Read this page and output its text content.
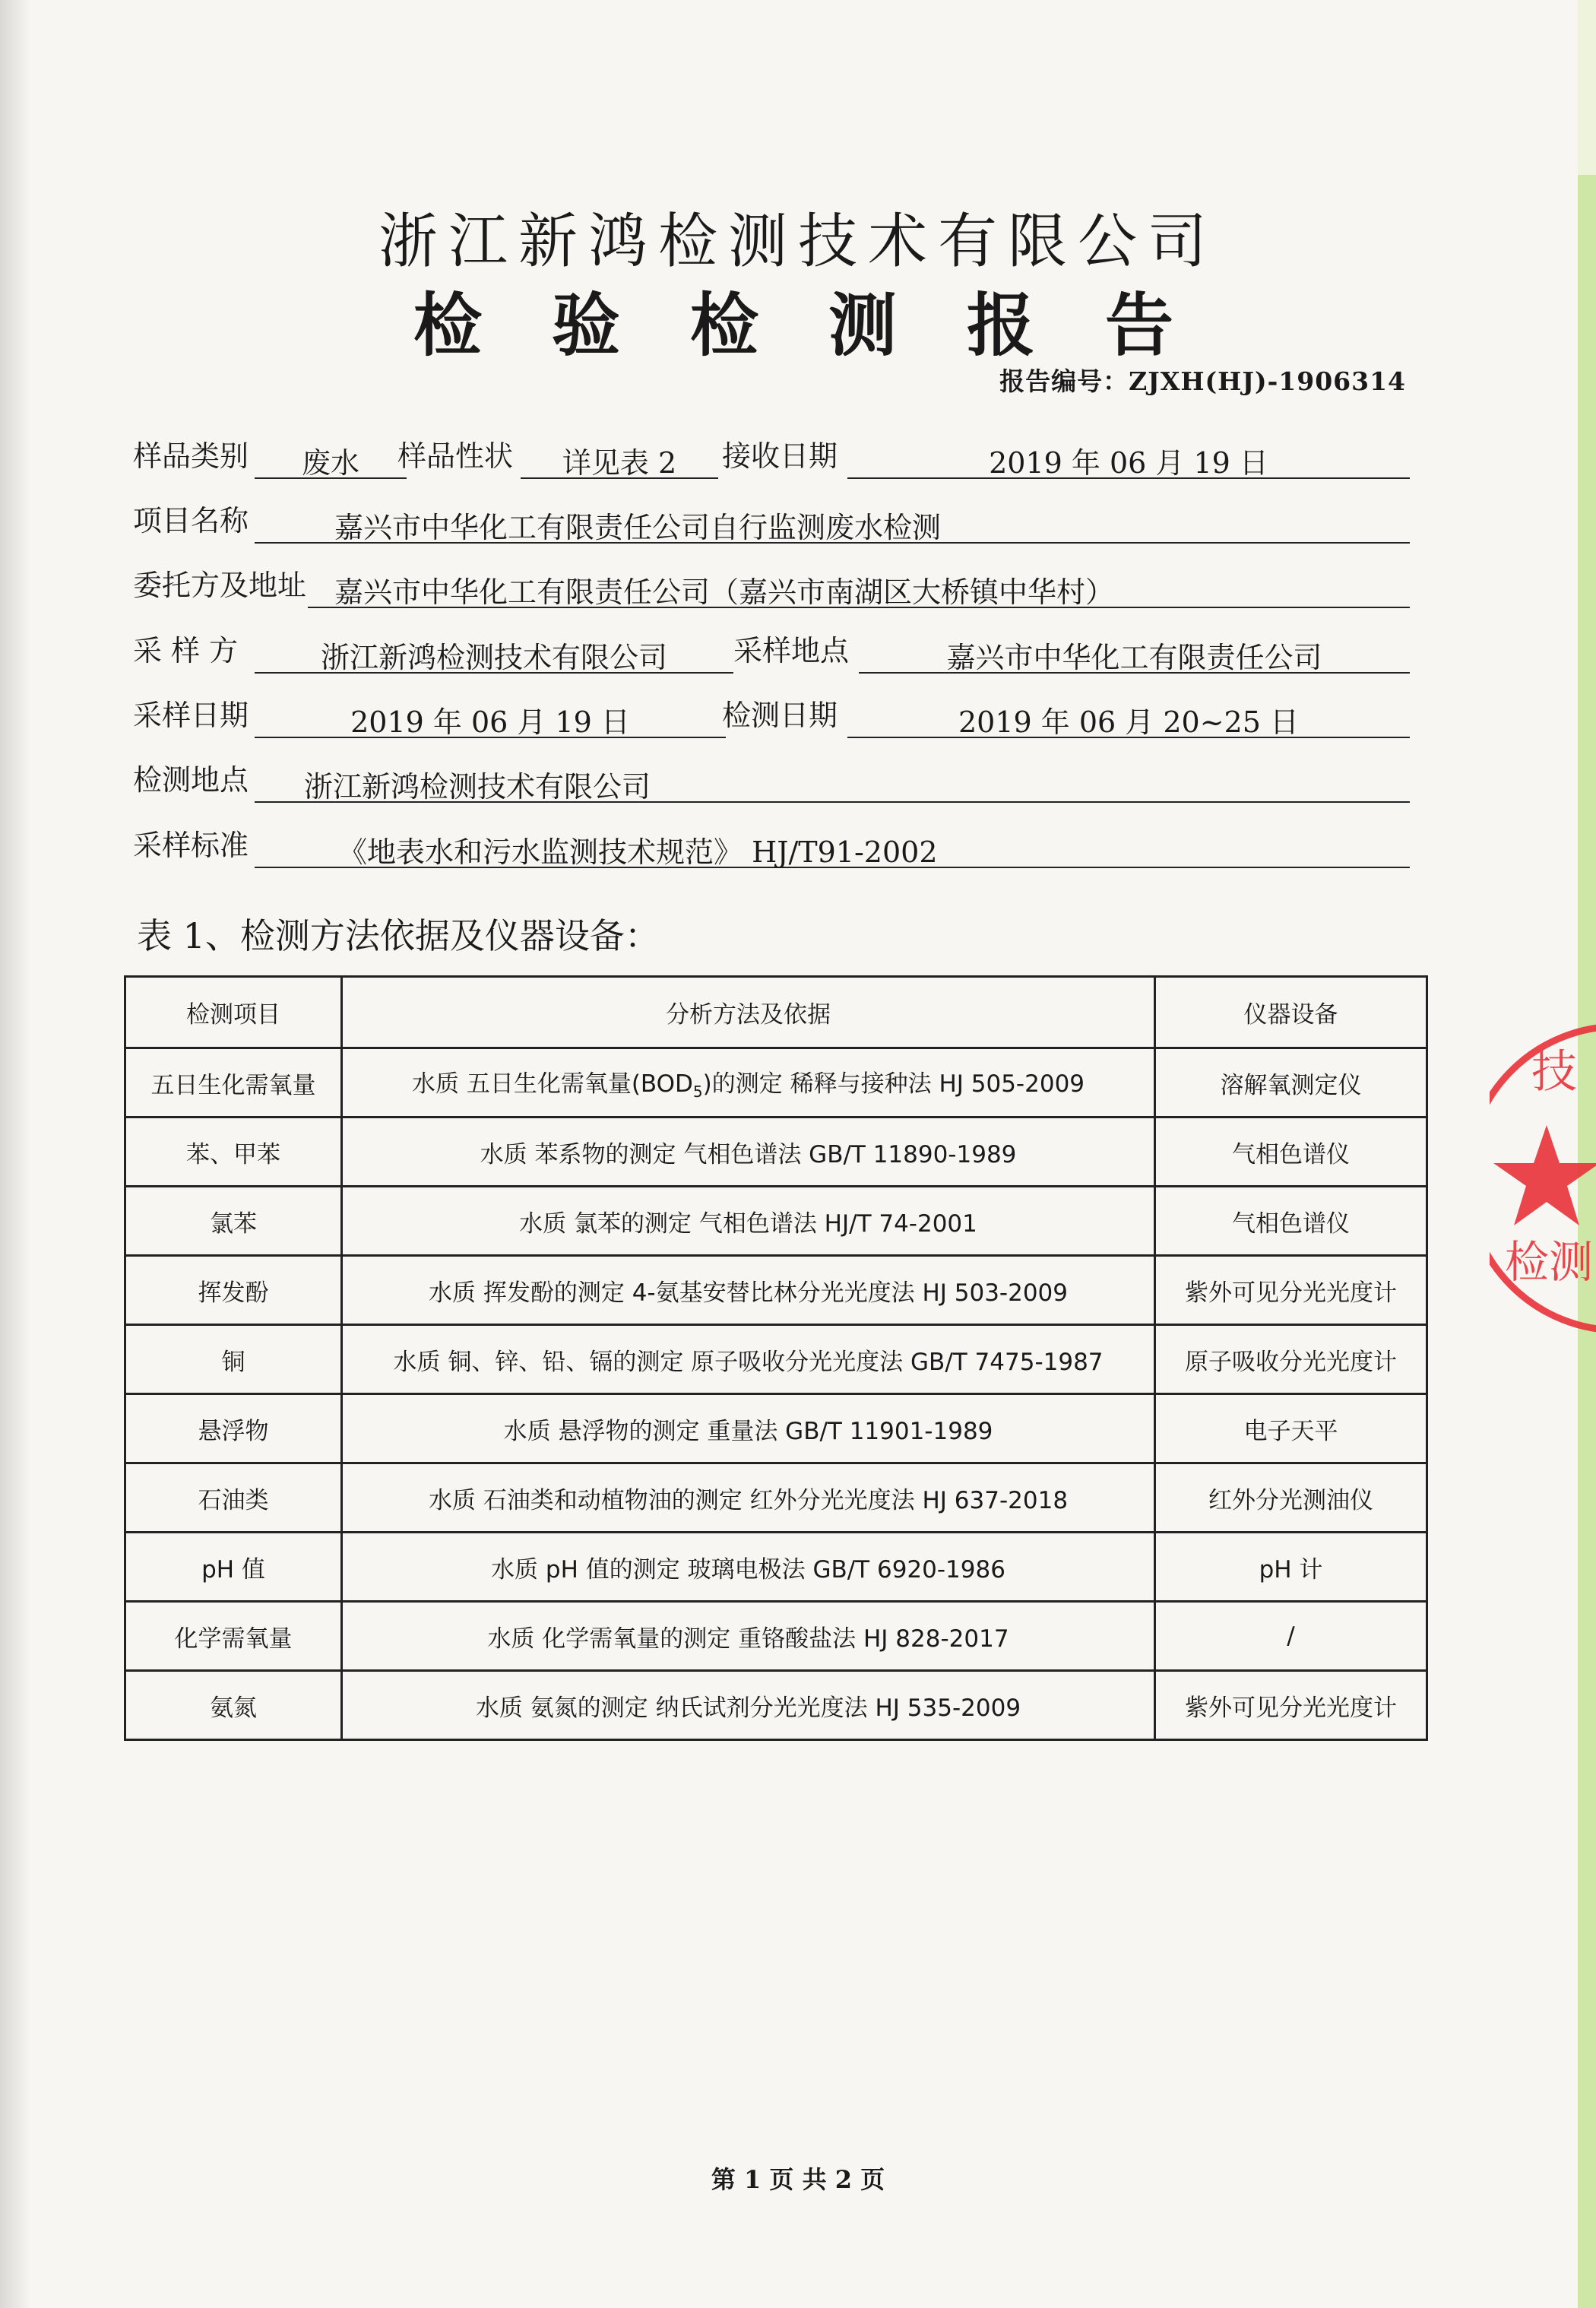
浙江新鸿检测技术有限公司
检验检测报告
报告编号：ZJXH(HJ)-1906314
样品类别	废水	样品性状	详见表 2	接收日期	2019 年 06 月 19 日
项目名称	嘉兴市中华化工有限责任公司自行监测废水检测
委托方及地址 嘉兴市中华化工有限责任公司（嘉兴市南湖区大桥镇中华村）
采 样 方	浙江新鸿检测技术有限公司	采样地点	嘉兴市中华化工有限责任公司
采样日期	2019 年 06 月 19 日	检测日期	2019 年 06 月 20~25 日
检测地点	浙江新鸿检测技术有限公司
采样标准	《地表水和污水监测技术规范》 HJ/T91-2002
表 1、检测方法依据及仪器设备：
检测项目	分析方法及依据	仪器设备
五日生化需氧量	水质 五日生化需氧量$(BOD_5)$的测定 稀释与接种法 HJ 505-2009	溶解氧测定仪
苯、甲苯	水质 苯系物的测定 气相色谱法 GB/T 11890-1989	气相色谱仪
氯苯	水质 氯苯的测定 气相色谱法 HJ/T 74-2001	气相色谱仪
挥发酚	水质 挥发酚的测定 4-氨基安替比林分光光度法 HJ 503-2009	紫外可见分光光度计
铜	水质 铜、锌、铅、镉的测定 原子吸收分光光度法 GB/T 7475-1987	原子吸收分光光度计
悬浮物	水质 悬浮物的测定 重量法 GB/T 11901-1989	电子天平
石油类	水质 石油类和动植物油的测定 红外分光光度法 HJ 637-2018	红外分光测油仪
pH 值	水质 pH 值的测定 玻璃电极法 GB/T 6920-1986	pH 计
化学需氧量	水质 化学需氧量的测定 重铬酸盐法 HJ 828-2017	/
氨氮	水质 氨氮的测定 纳氏试剂分光光度法 HJ 535-2009	紫外可见分光光度计
技
检测
第 1 页 共 2 页
